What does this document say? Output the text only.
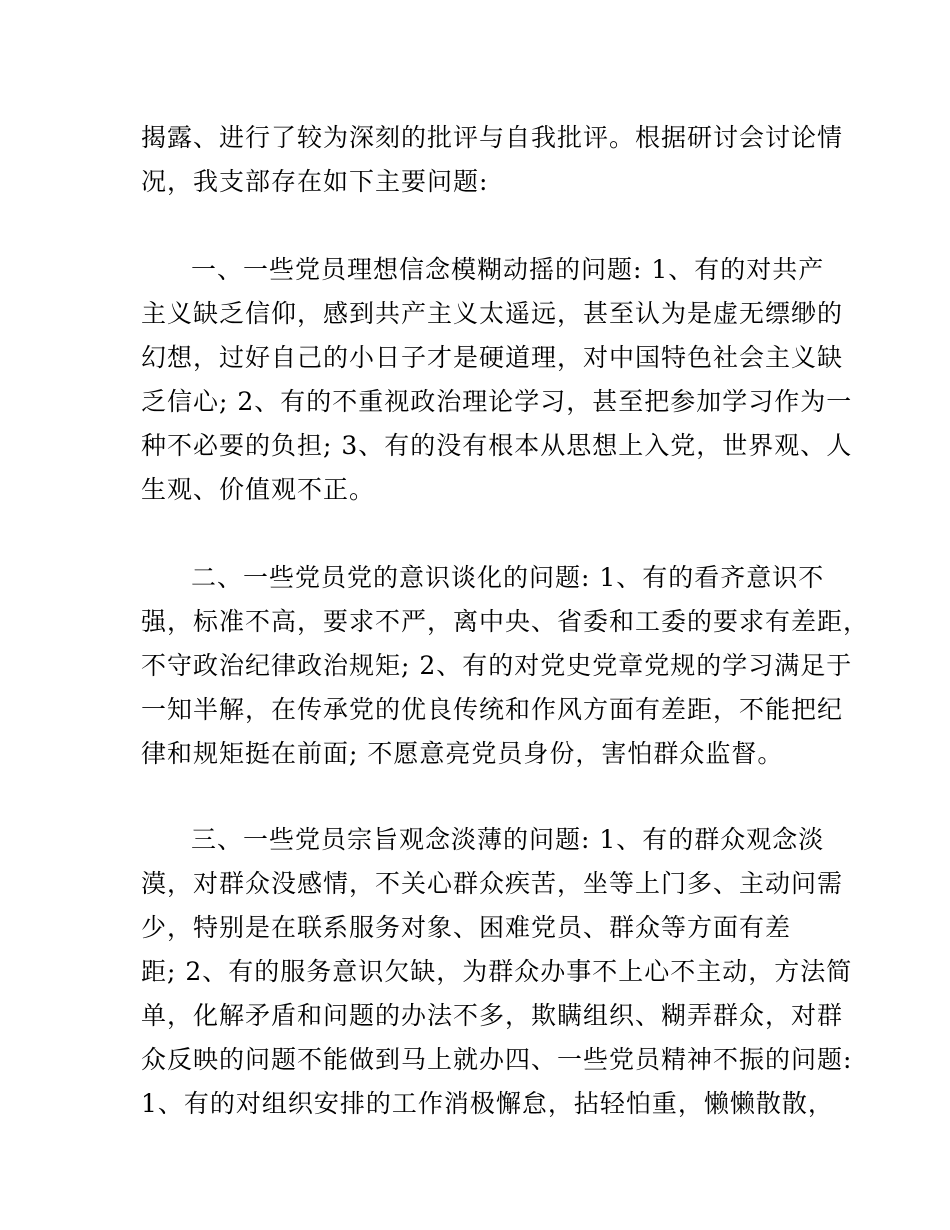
揭露、进行了较为深刻的批评与自我批评。根据研讨会讨论情
况，我支部存在如下主要问题:
一、一些党员理想信念模糊动摇的问题: 1、有的对共产
主义缺乏信仰，感到共产主义太遥远，甚至认为是虚无缥缈的
幻想，过好自己的小日子才是硬道理，对中国特色社会主义缺
乏信心; 2、有的不重视政治理论学习，甚至把参加学习作为一
种不必要的负担; 3、有的没有根本从思想上入党，世界观、人
生观、价值观不正。
二、一些党员党的意识谈化的问题: 1、有的看齐意识不
强，标准不高，要求不严，离中央、省委和工委的要求有差距，
不守政治纪律政治规矩; 2、有的对党史党章党规的学习满足于
一知半解，在传承党的优良传统和作风方面有差距，不能把纪
律和规矩挺在前面; 不愿意亮党员身份，害怕群众监督。
三、一些党员宗旨观念淡薄的问题: 1、有的群众观念淡
漠，对群众没感情，不关心群众疾苦，坐等上门多、主动问需
少，特别是在联系服务对象、困难党员、群众等方面有差
距; 2、有的服务意识欠缺，为群众办事不上心不主动，方法简
单，化解矛盾和问题的办法不多，欺瞒组织、糊弄群众，对群
众反映的问题不能做到马上就办四、一些党员精神不振的问题:
1、有的对组织安排的工作消极懈怠，拈轻怕重，懒懒散散，
